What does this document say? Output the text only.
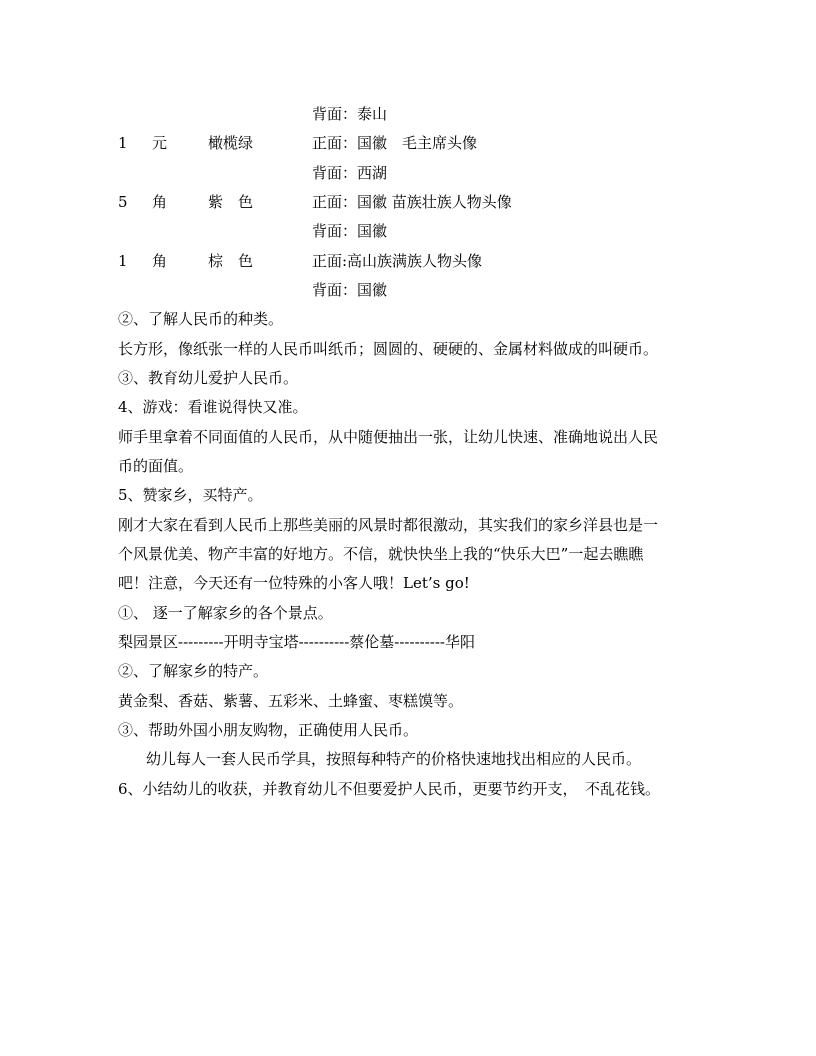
背面：泰山
1 元	橄榄绿	正面：国徽　毛主席头像
背面：西湖
5 角	紫　色	正面：国徽 苗族壮族人物头像
背面：国徽
1 角	棕　色	正面:高山族满族人物头像
背面：国徽
②、了解人民币的种类。
长方形，像纸张一样的人民币叫纸币；圆圆的、硬硬的、金属材料做成的叫硬币。
③、教育幼儿爱护人民币。
4、游戏：看谁说得快又准。
师手里拿着不同面值的人民币，从中随便抽出一张，让幼儿快速、准确地说出人民
币的面值。
5、赞家乡，买特产。
刚才大家在看到人民币上那些美丽的风景时都很激动，其实我们的家乡洋县也是一
个风景优美、物产丰富的好地方。不信，就快快坐上我的“快乐大巴”一起去瞧瞧
吧！注意，今天还有一位特殊的小客人哦！Let’s go!
①、 逐一了解家乡的各个景点。
梨园景区---------开明寺宝塔----------蔡伦墓----------华阳
②、了解家乡的特产。
黄金梨、香菇、紫薯、五彩米、土蜂蜜、枣糕馍等。
③、帮助外国小朋友购物，正确使用人民币。
幼儿每人一套人民币学具，按照每种特产的价格快速地找出相应的人民币。
6、小结幼儿的收获，并教育幼儿不但要爱护人民币，更要节约开支，　不乱花钱。
